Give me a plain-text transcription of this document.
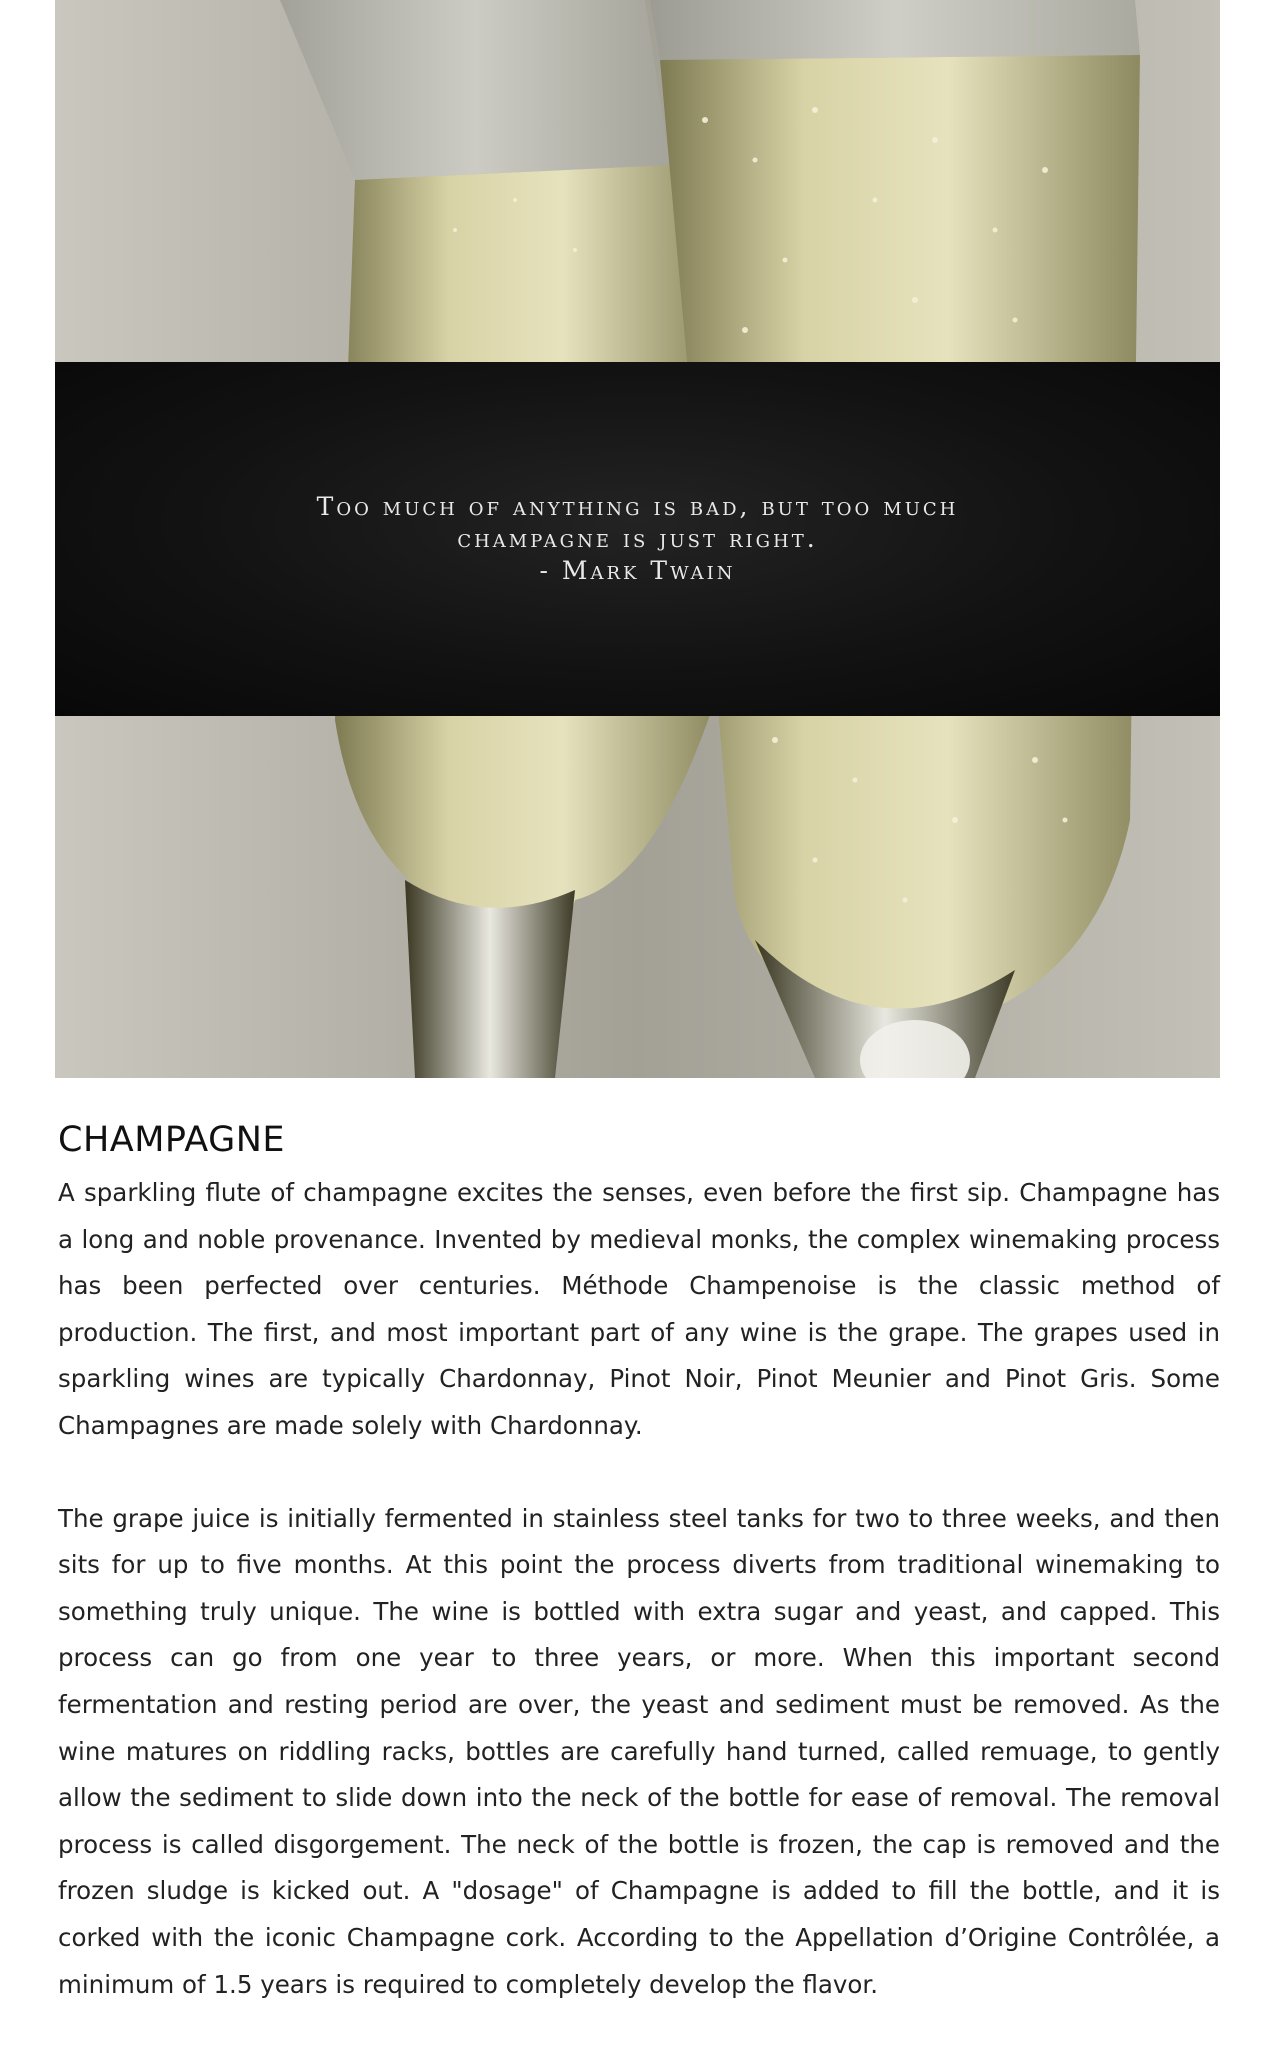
Too much of anything is bad, but too much
champagne is just right.
- Mark Twain
CHAMPAGNE

A sparkling flute of champagne excites the senses, even before the first sip. Champagne has a long and noble provenance. Invented by medieval monks, the complex winemaking process has been perfected over centuries. Méthode Champenoise is the classic method of production. The first, and most important part of any wine is the grape. The grapes used in sparkling wines are typically Chardonnay, Pinot Noir, Pinot Meunier and Pinot Gris. Some Champagnes are made solely with Chardonnay.

The grape juice is initially fermented in stainless steel tanks for two to three weeks, and then sits for up to five months. At this point the process diverts from traditional winemaking to something truly unique. The wine is bottled with extra sugar and yeast, and capped. This process can go from one year to three years, or more. When this important second fermentation and resting period are over, the yeast and sediment must be removed. As the wine matures on riddling racks, bottles are carefully hand turned, called remuage, to gently allow the sediment to slide down into the neck of the bottle for ease of removal. The removal process is called disgorgement. The neck of the bottle is frozen, the cap is removed and the frozen sludge is kicked out. A "dosage" of Champagne is added to fill the bottle, and it is corked with the iconic Champagne cork. According to the Appellation d’Origine Contrôlée, a minimum of 1.5 years is required to completely develop the flavor.
